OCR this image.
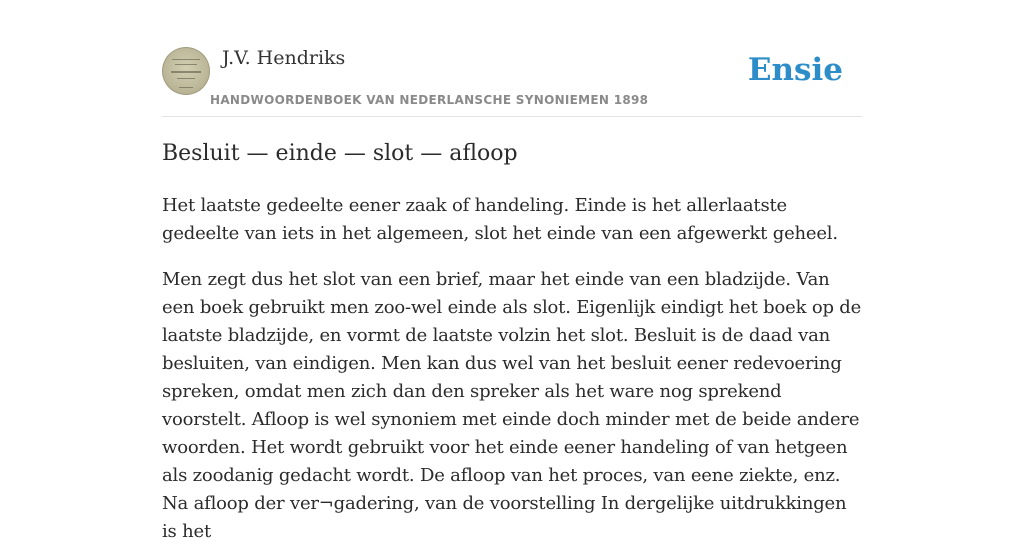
J.V. Hendriks
HANDWOORDENBOEK VAN NEDERLANSCHE SYNONIEMEN 1898
Ensie
Besluit — einde — slot — afloop

Het laatste gedeelte eener zaak of handeling. Einde is het allerlaatste gedeelte van iets in het algemeen, slot het einde van een afgewerkt geheel.

Men zegt dus het slot van een brief, maar het einde van een bladzijde. Van een boek gebruikt men zoo-wel einde als slot. Eigenlijk eindigt het boek op de laatste bladzijde, en vormt de laatste volzin het slot. Besluit is de daad van besluiten, van eindigen. Men kan dus wel van het besluit eener redevoering spreken, omdat men zich dan den spreker als het ware nog sprekend voorstelt. Afloop is wel synoniem met einde doch minder met de beide andere woorden. Het wordt gebruikt voor het einde eener handeling of van hetgeen als zoodanig gedacht wordt. De afloop van het proces, van eene ziekte, enz. Na afloop der ver¬gadering, van de voorstelling In dergelijke uitdrukkingen is het
